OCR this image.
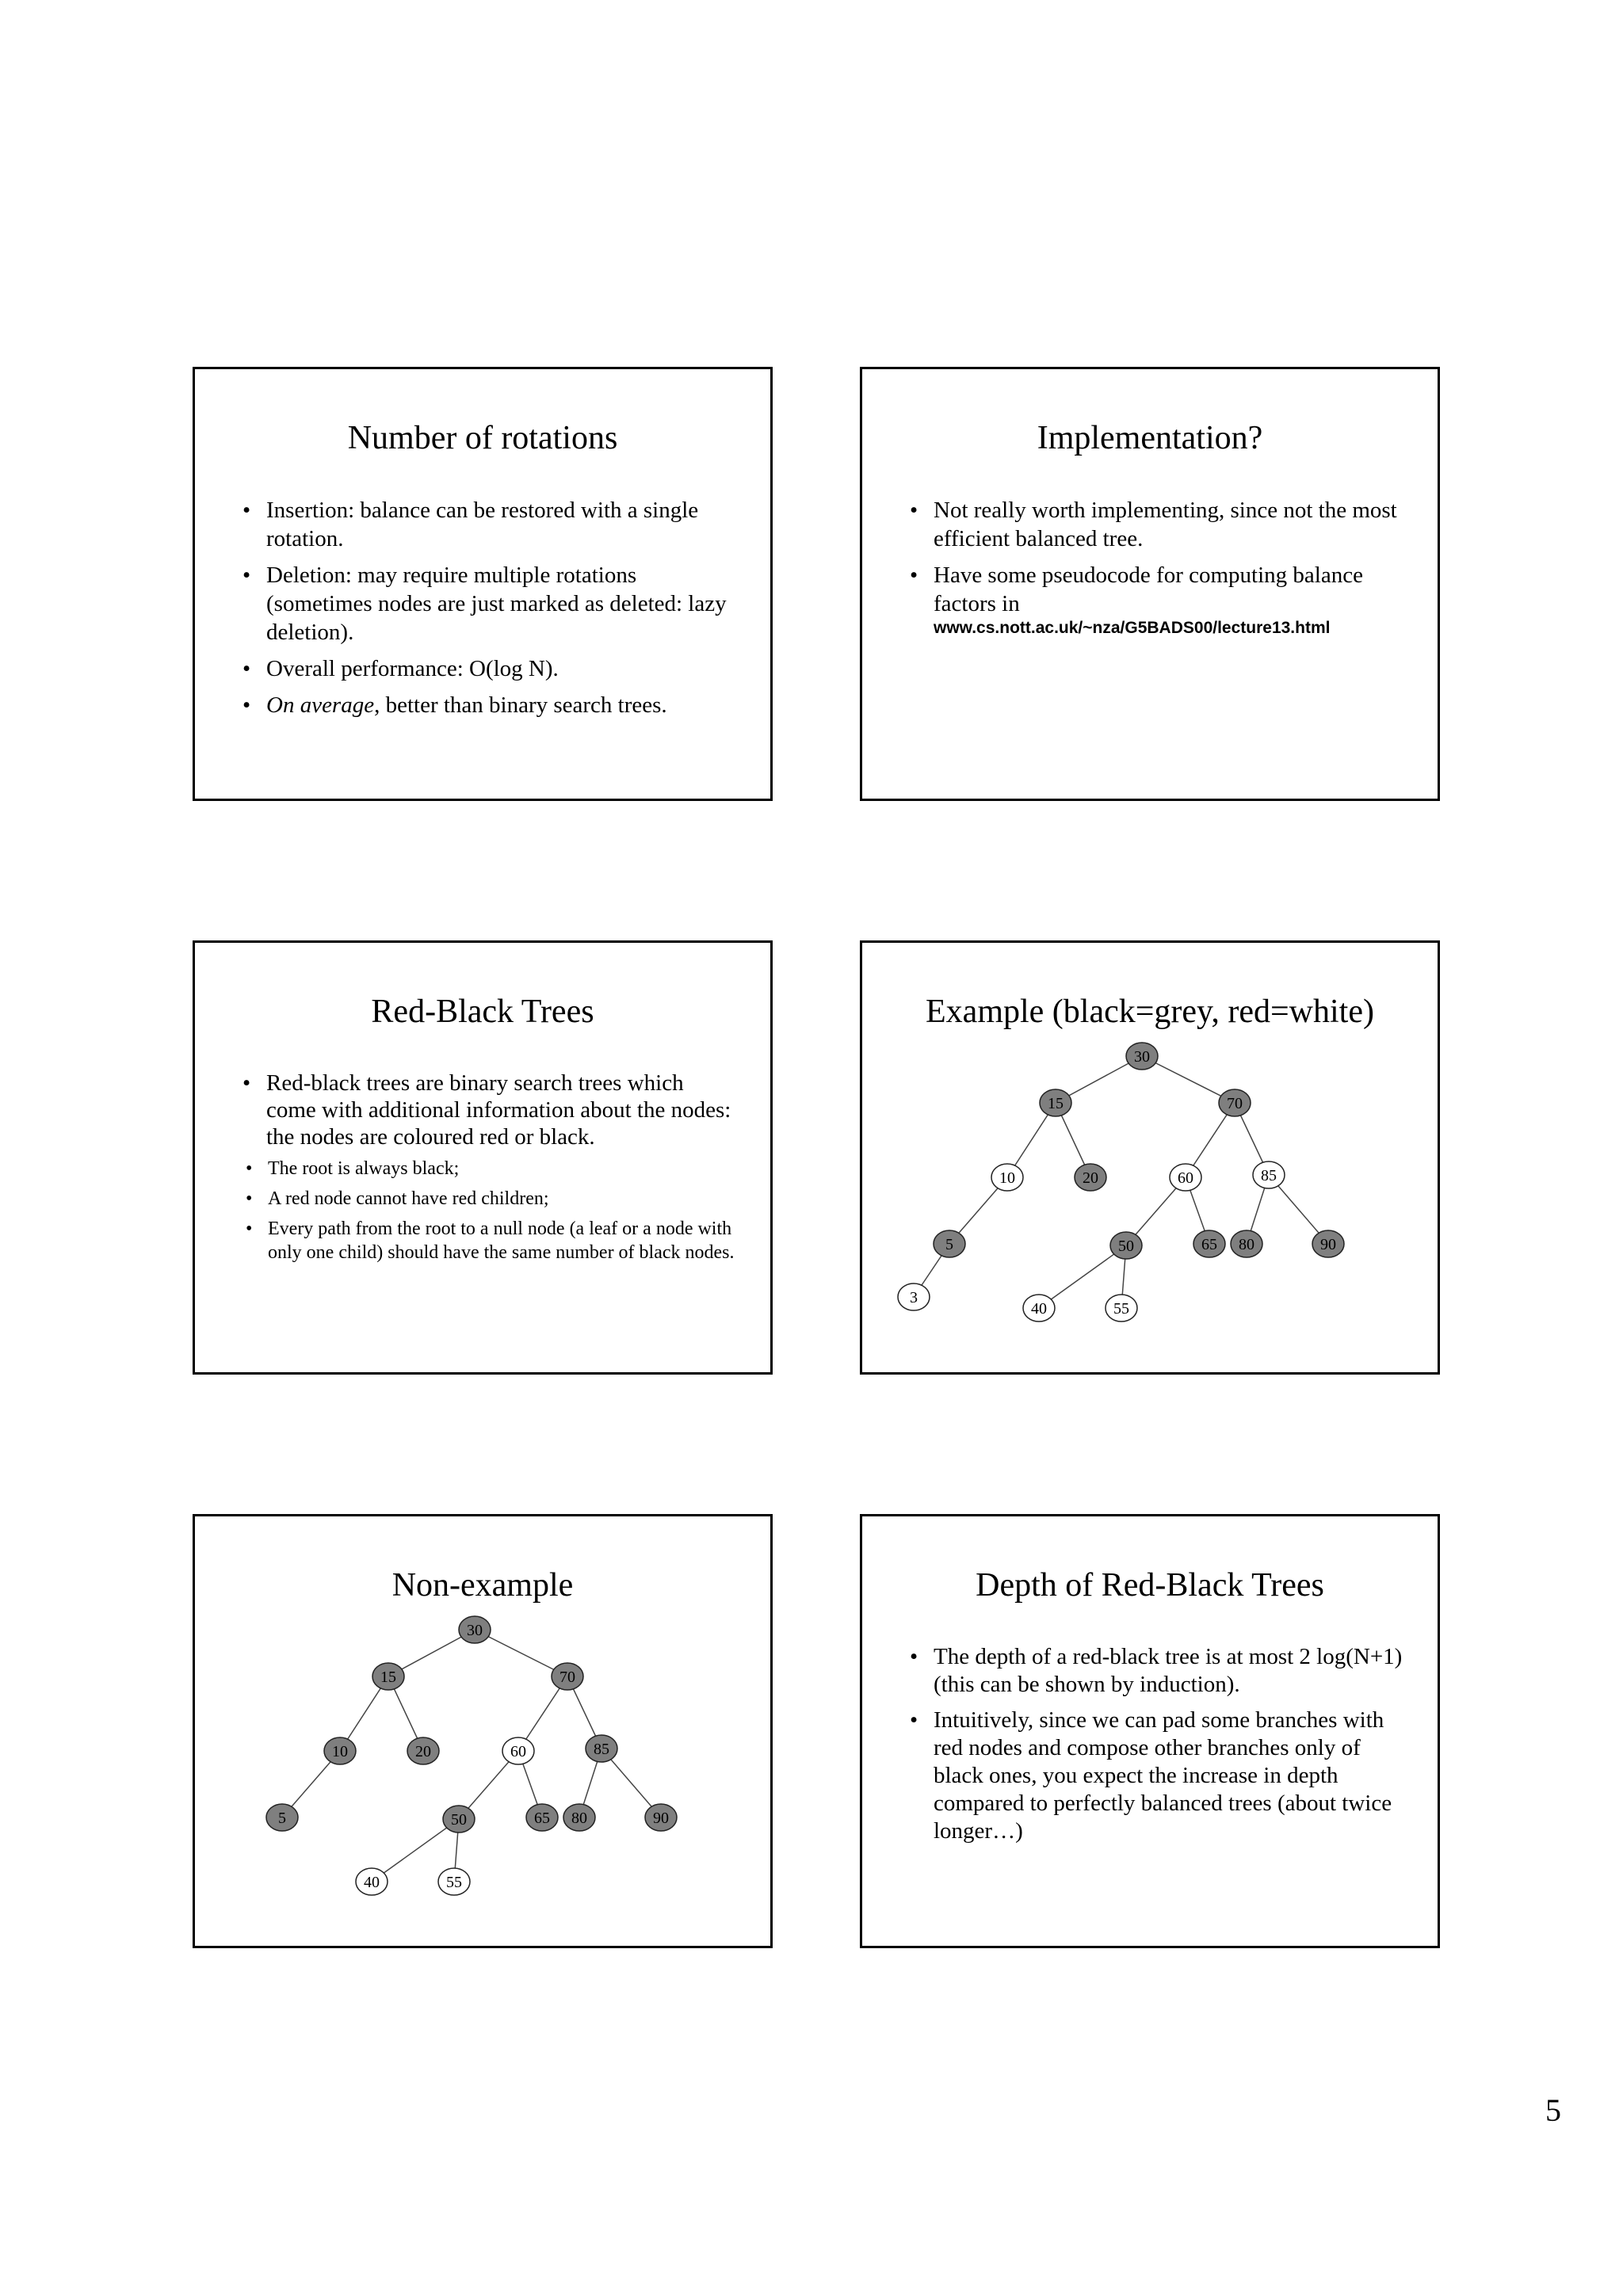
Number of rotations
• Insertion: balance can be restored with a single rotation.
• Deletion: may require multiple rotations (sometimes nodes are just marked as deleted: lazy deletion).
• Overall performance: O(log N).
• On average, better than binary search trees.
Implementation?
• Not really worth implementing, since not the most efficient balanced tree.
• Have some pseudocode for computing balance factors in
www.cs.nott.ac.uk/~nza/G5BADS00/lecture13.html
Red-Black Trees
• Red-black trees are binary search trees which come with additional information about the nodes: the nodes are coloured red or black.
• The root is always black;
• A red node cannot have red children;
• Every path from the root to a null node (a leaf or a node with only one child) should have the same number of black nodes.
Example (black=grey, red=white)
30
15	70
10	20	60	85
5	50	65 80	90
3
40	55
Non-example
30
15	70
10	20	60	85
5	50	65 80	90
40	55
Depth of Red-Black Trees
• The depth of a red-black tree is at most 2 log(N+1) (this can be shown by induction).
• Intuitively, since we can pad some branches with red nodes and compose other branches only of black ones, you expect the increase in depth compared to perfectly balanced trees (about twice longer…)
5
